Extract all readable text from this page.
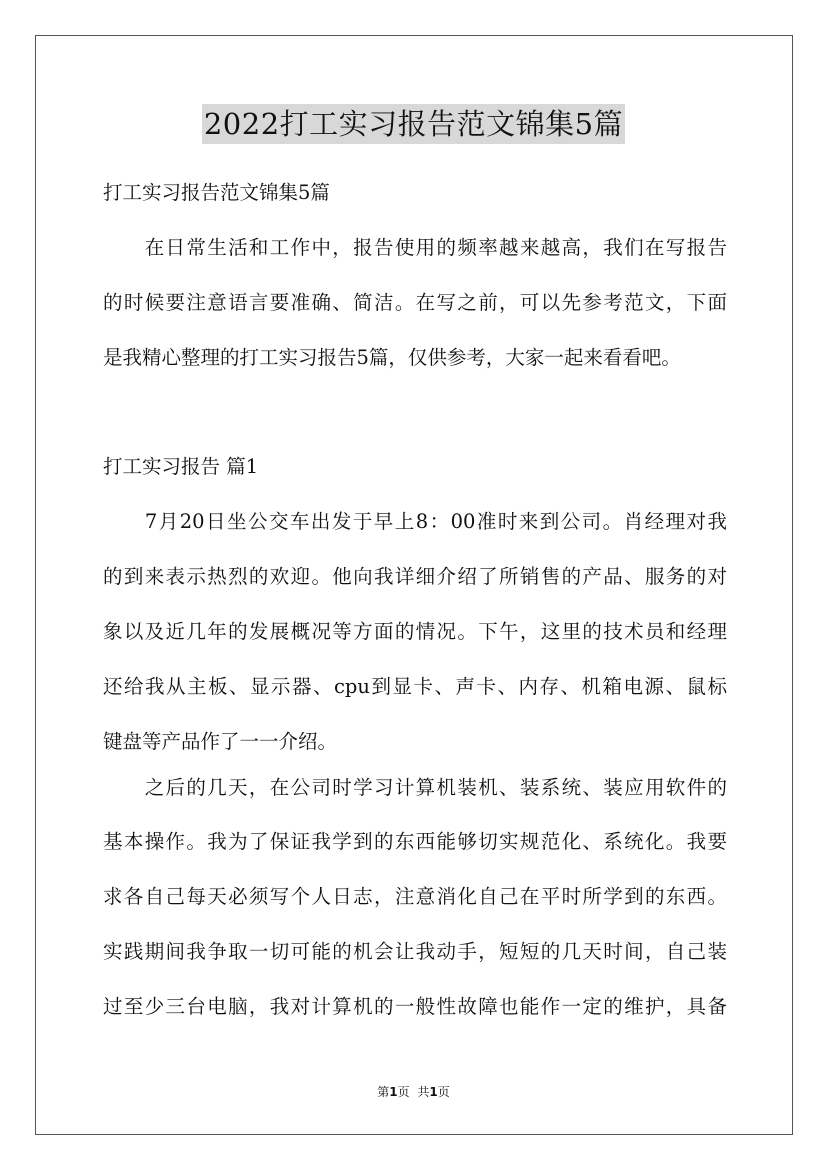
2022打工实习报告范文锦集5篇
打工实习报告范文锦集5篇
　　在日常生活和工作中，报告使用的频率越来越高，我们在写报告
的时候要注意语言要准确、简洁。在写之前，可以先参考范文，下面
是我精心整理的打工实习报告5篇，仅供参考，大家一起来看看吧。
打工实习报告 篇1
　　7月20日坐公交车出发于早上8：00准时来到公司。肖经理对我
的到来表示热烈的欢迎。他向我详细介绍了所销售的产品、服务的对
象以及近几年的发展概况等方面的情况。下午，这里的技术员和经理
还给我从主板、显示器、cpu到显卡、声卡、内存、机箱电源、鼠标
键盘等产品作了一一介绍。
　　之后的几天，在公司时学习计算机装机、装系统、装应用软件的
基本操作。我为了保证我学到的东西能够切实规范化、系统化。我要
求各自己每天必须写个人日志，注意消化自己在平时所学到的东西。
实践期间我争取一切可能的机会让我动手，短短的几天时间，自己装
过至少三台电脑，我对计算机的一般性故障也能作一定的维护，具备
第1页 共1页
